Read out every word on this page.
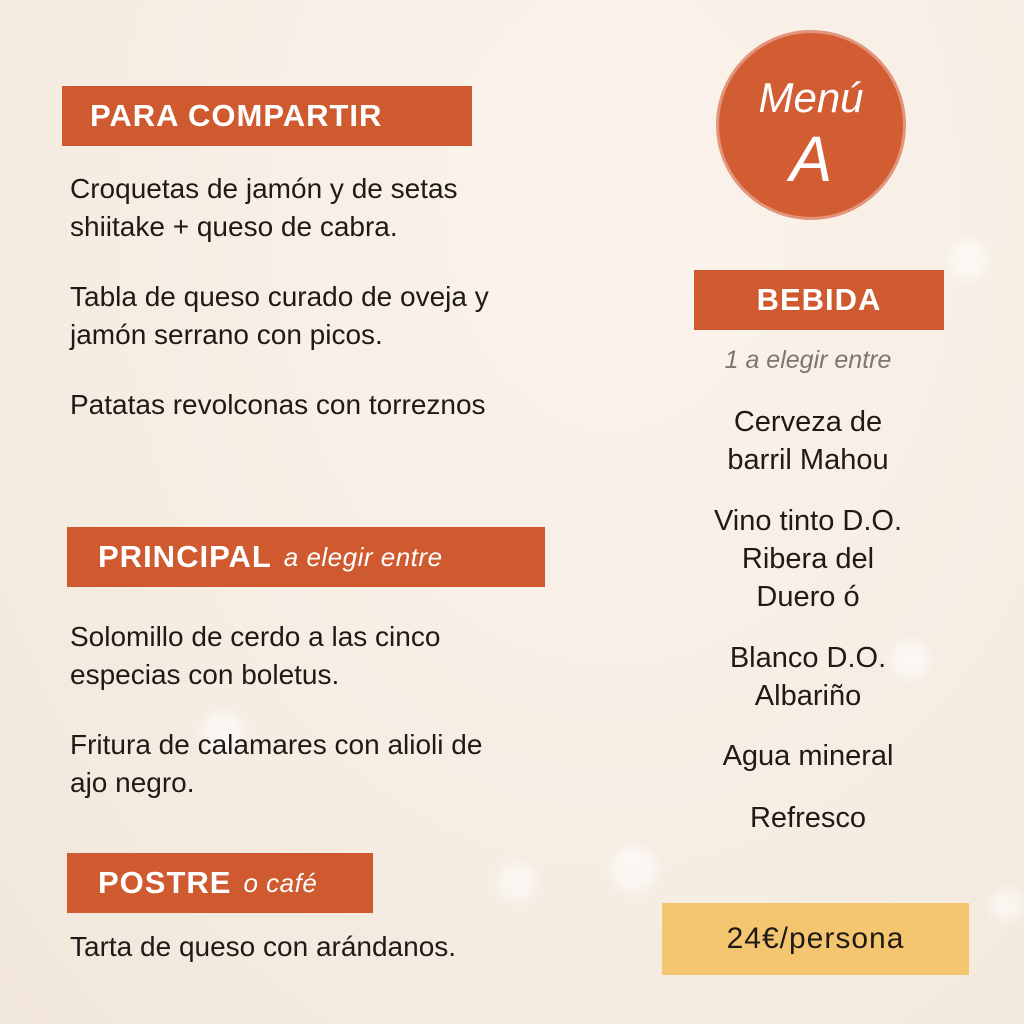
Menú
A
PARA COMPARTIR
Croquetas de jamón y de setas
shiitake + queso de cabra.
Tabla de queso curado de oveja y
jamón serrano con picos.
Patatas revolconas con torreznos
PRINCIPAL a elegir entre
Solomillo de cerdo a las cinco
especias con boletus.
Fritura de calamares con alioli de
ajo negro.
POSTRE o café
Tarta de queso con arándanos.
BEBIDA
1 a elegir entre
Cerveza de
barril Mahou
Vino tinto D.O.
Ribera del
Duero ó
Blanco D.O.
Albariño
Agua mineral
Refresco
24€/persona
